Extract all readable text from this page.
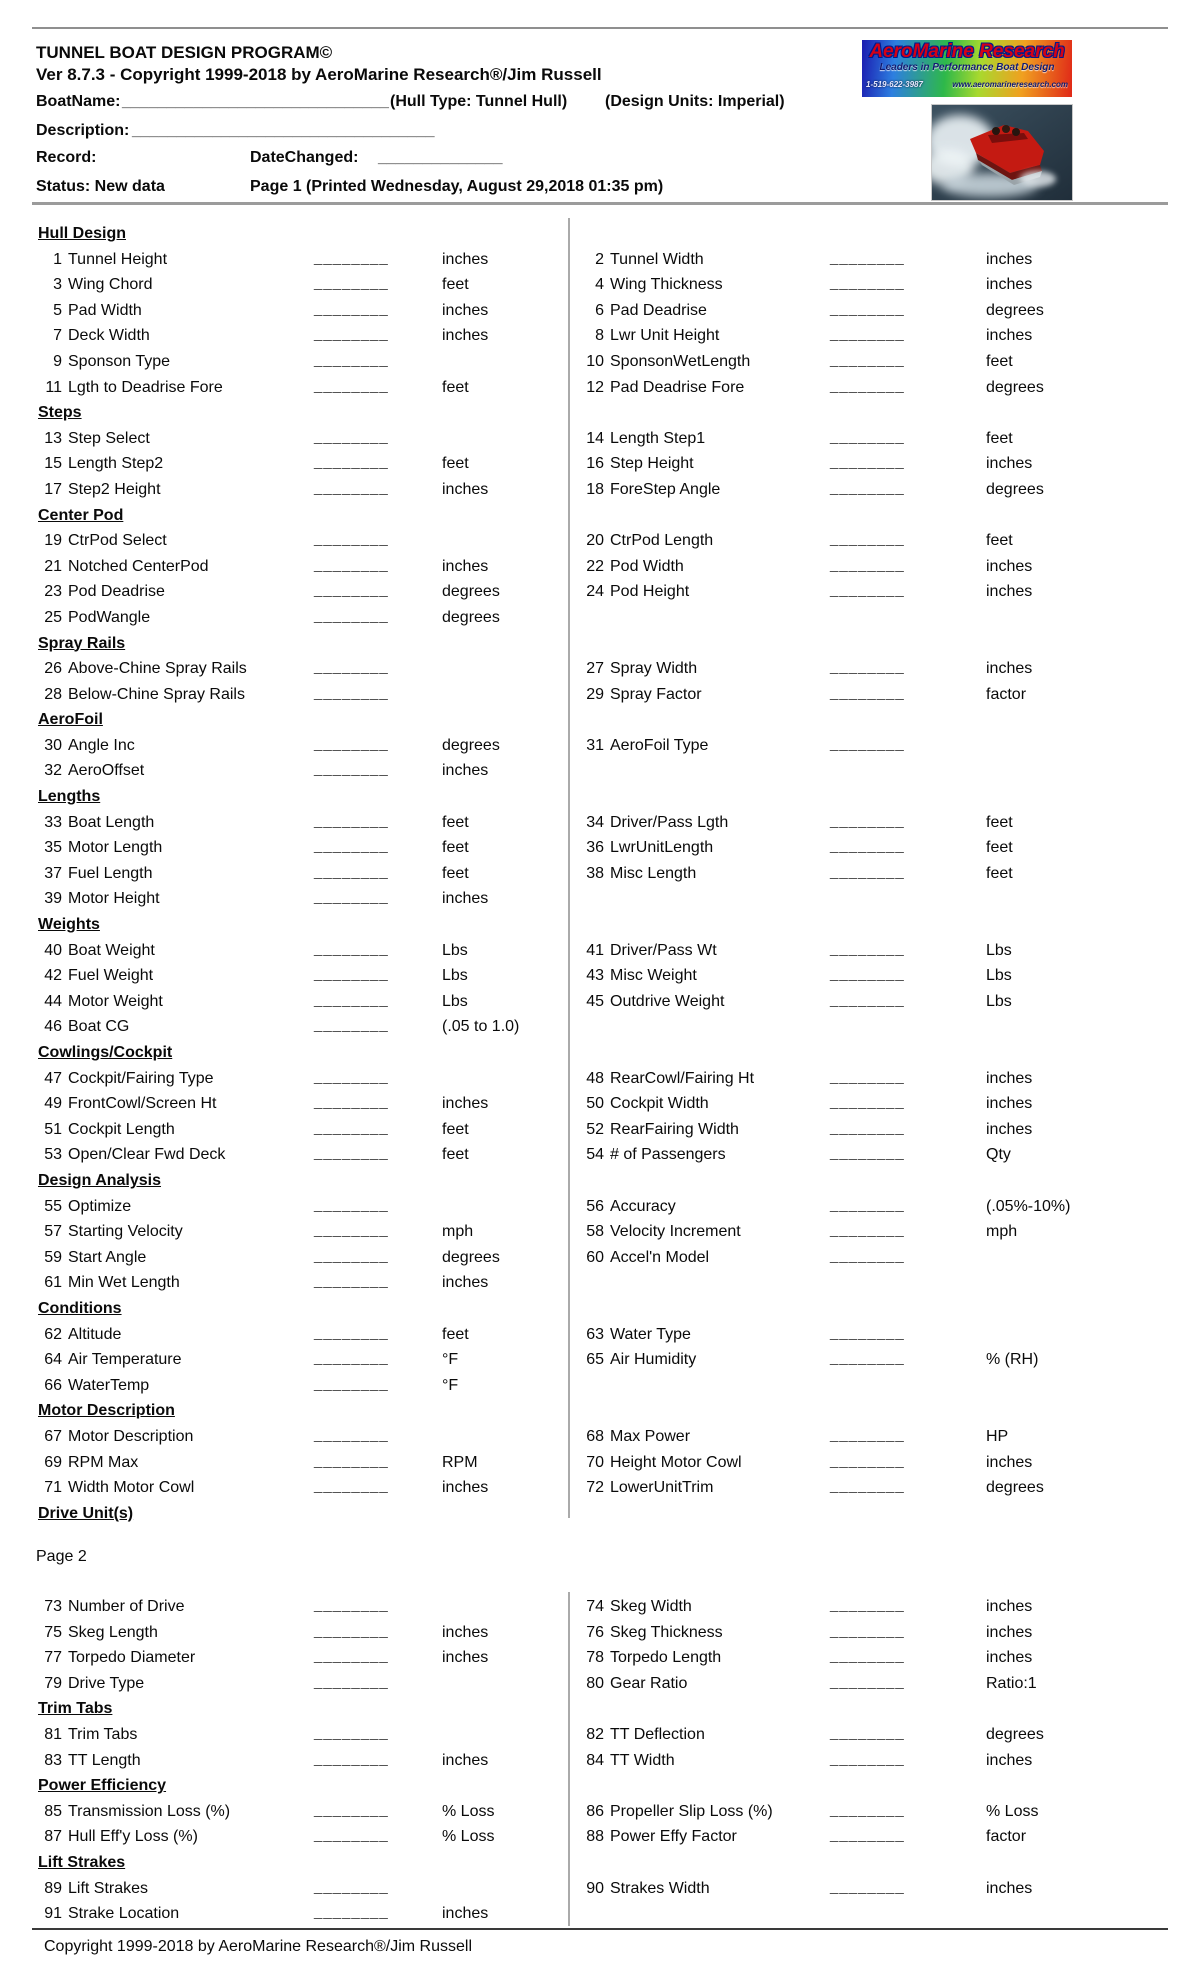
TUNNEL BOAT DESIGN PROGRAM©
Ver 8.7.3 - Copyright 1999-2018 by AeroMarine Research®/Jim Russell
BoatName: ______________________________ (Hull Type: Tunnel Hull) (Design Units: Imperial)
Description: __________________________________
Record:	DateChanged: ______________
Status: New data	Page 1 (Printed Wednesday, August 29,2018 01:35 pm)
AeroMarine Research
Leaders in Performance Boat Design
1-519-622-3987	www.aeromarineresearch.com
Hull Design
1 Tunnel Height	________	inches	2 Tunnel Width	________	inches
3 Wing Chord	________	feet	4 Wing Thickness	________	inches
5 Pad Width	________	inches	6 Pad Deadrise	________	degrees
7 Deck Width	________	inches	8 Lwr Unit Height	________	inches
9 Sponson Type	________	10 SponsonWetLength	________	feet
11 Lgth to Deadrise Fore	________	feet	12 Pad Deadrise Fore	________	degrees
Steps
13 Step Select	________	14 Length Step1	________	feet
15 Length Step2	________	feet	16 Step Height	________	inches
17 Step2 Height	________	inches	18 ForeStep Angle	________	degrees
Center Pod
19 CtrPod Select	________	20 CtrPod Length	________	feet
21 Notched CenterPod	________	inches	22 Pod Width	________	inches
23 Pod Deadrise	________	degrees	24 Pod Height	________	inches
25 PodWangle	________	degrees
Spray Rails
26 Above-Chine Spray Rails	________	27 Spray Width	________	inches
28 Below-Chine Spray Rails	________	29 Spray Factor	________	factor
AeroFoil
30 Angle Inc	________	degrees	31 AeroFoil Type	________
32 AeroOffset	________	inches
Lengths
33 Boat Length	________	feet	34 Driver/Pass Lgth	________	feet
35 Motor Length	________	feet	36 LwrUnitLength	________	feet
37 Fuel Length	________	feet	38 Misc Length	________	feet
39 Motor Height	________	inches
Weights
40 Boat Weight	________	Lbs	41 Driver/Pass Wt	________	Lbs
42 Fuel Weight	________	Lbs	43 Misc Weight	________	Lbs
44 Motor Weight	________	Lbs	45 Outdrive Weight	________	Lbs
46 Boat CG	________	(.05 to 1.0)
Cowlings/Cockpit
47 Cockpit/Fairing Type	________	48 RearCowl/Fairing Ht	________	inches
49 FrontCowl/Screen Ht	________	inches	50 Cockpit Width	________	inches
51 Cockpit Length	________	feet	52 RearFairing Width	________	inches
53 Open/Clear Fwd Deck	________	feet	54 # of Passengers	________	Qty
Design Analysis
55 Optimize	________	56 Accuracy	________	(.05%-10%)
57 Starting Velocity	________	mph	58 Velocity Increment	________	mph
59 Start Angle	________	degrees	60 Accel'n Model	________
61 Min Wet Length	________	inches
Conditions
62 Altitude	________	feet	63 Water Type	________
64 Air Temperature	________	°F	65 Air Humidity	________	% (RH)
66 WaterTemp	________	°F
Motor Description
67 Motor Description	________	68 Max Power	________	HP
69 RPM Max	________	RPM	70 Height Motor Cowl	________	inches
71 Width Motor Cowl	________	inches	72 LowerUnitTrim	________	degrees
Drive Unit(s)
Page 2
73 Number of Drive	________	74 Skeg Width	________	inches
75 Skeg Length	________	inches	76 Skeg Thickness	________	inches
77 Torpedo Diameter	________	inches	78 Torpedo Length	________	inches
79 Drive Type	________	80 Gear Ratio	________	Ratio:1
Trim Tabs
81 Trim Tabs	________	82 TT Deflection	________	degrees
83 TT Length	________	inches	84 TT Width	________	inches
Power Efficiency
85 Transmission Loss (%)	________	% Loss	86 Propeller Slip Loss (%)	________	% Loss
87 Hull Eff'y Loss (%)	________	% Loss	88 Power Effy Factor	________	factor
Lift Strakes
89 Lift Strakes	________	90 Strakes Width	________	inches
91 Strake Location	________	inches
Copyright 1999-2018 by AeroMarine Research®/Jim Russell
